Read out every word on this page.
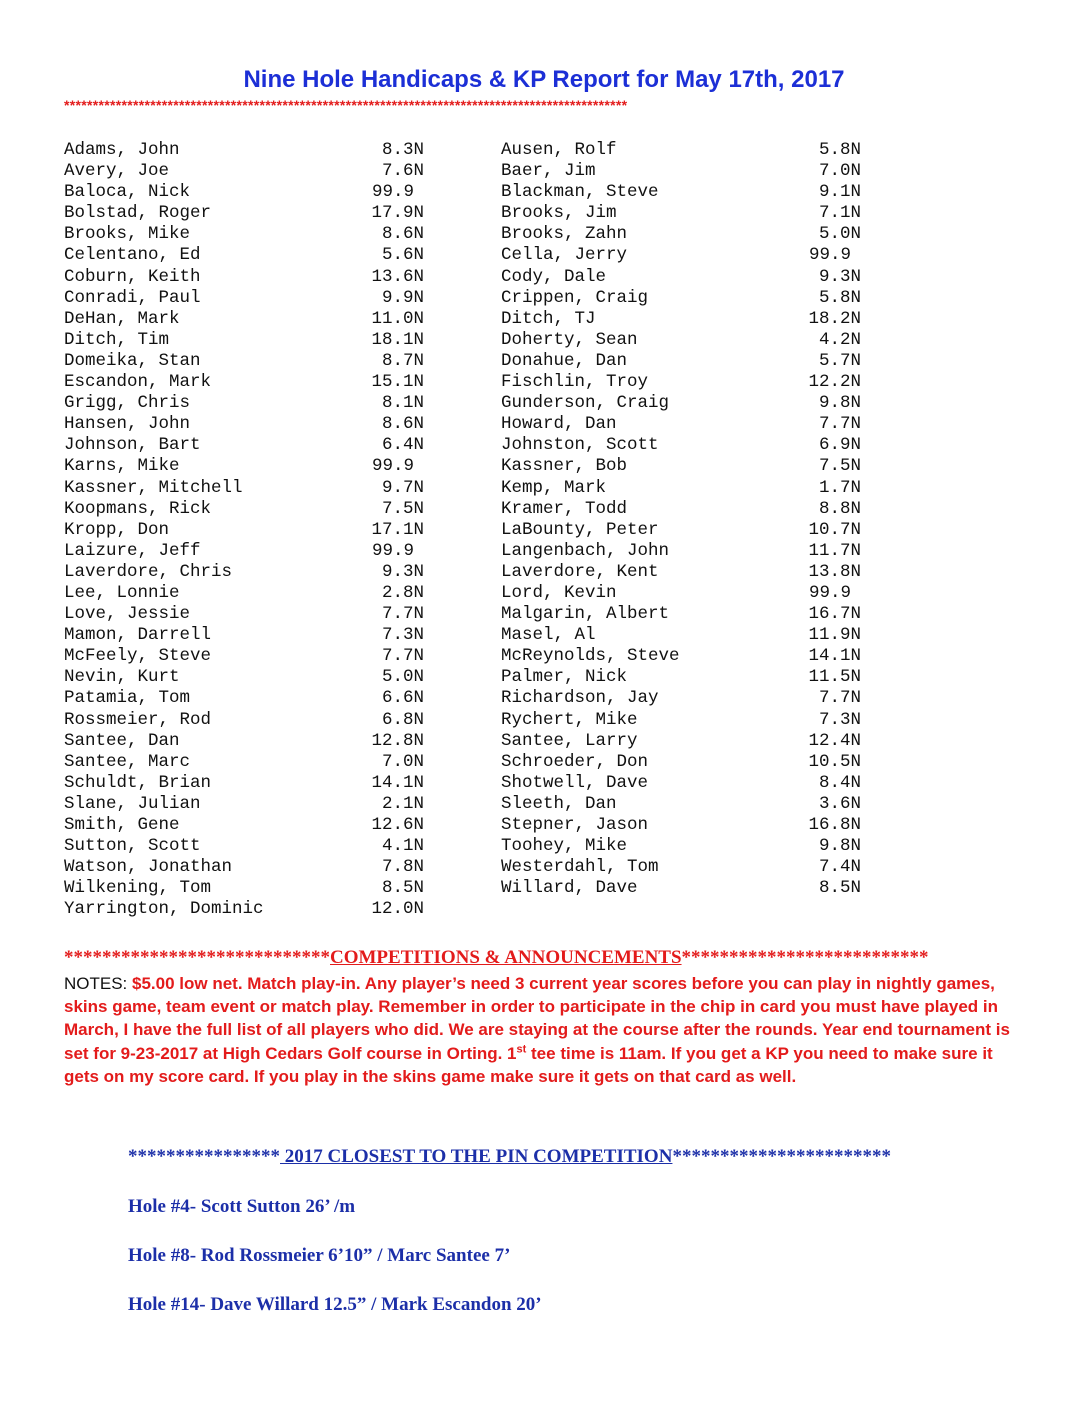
Nine Hole Handicaps & KP Report for May 17th, 2017
**************************************************************************************************
Adams, John	8.3N
Avery, Joe	7.6N
Baloca, Nick	99.9
Bolstad, Roger	17.9N
Brooks, Mike	8.6N
Celentano, Ed	5.6N
Coburn, Keith	13.6N
Conradi, Paul	9.9N
DeHan, Mark	11.0N
Ditch, Tim	18.1N
Domeika, Stan	8.7N
Escandon, Mark	15.1N
Grigg, Chris	8.1N
Hansen, John	8.6N
Johnson, Bart	6.4N
Karns, Mike	99.9
Kassner, Mitchell	9.7N
Koopmans, Rick	7.5N
Kropp, Don	17.1N
Laizure, Jeff	99.9
Laverdore, Chris	9.3N
Lee, Lonnie	2.8N
Love, Jessie	7.7N
Mamon, Darrell	7.3N
McFeely, Steve	7.7N
Nevin, Kurt	5.0N
Patamia, Tom	6.6N
Rossmeier, Rod	6.8N
Santee, Dan	12.8N
Santee, Marc	7.0N
Schuldt, Brian	14.1N
Slane, Julian	2.1N
Smith, Gene	12.6N
Sutton, Scott	4.1N
Watson, Jonathan	7.8N
Wilkening, Tom	8.5N
Yarrington, Dominic	12.0N
Ausen, Rolf	5.8N
Baer, Jim	7.0N
Blackman, Steve	9.1N
Brooks, Jim	7.1N
Brooks, Zahn	5.0N
Cella, Jerry	99.9
Cody, Dale	9.3N
Crippen, Craig	5.8N
Ditch, TJ	18.2N
Doherty, Sean	4.2N
Donahue, Dan	5.7N
Fischlin, Troy	12.2N
Gunderson, Craig	9.8N
Howard, Dan	7.7N
Johnston, Scott	6.9N
Kassner, Bob	7.5N
Kemp, Mark	1.7N
Kramer, Todd	8.8N
LaBounty, Peter	10.7N
Langenbach, John	11.7N
Laverdore, Kent	13.8N
Lord, Kevin	99.9
Malgarin, Albert	16.7N
Masel, Al	11.9N
McReynolds, Steve	14.1N
Palmer, Nick	11.5N
Richardson, Jay	7.7N
Rychert, Mike	7.3N
Santee, Larry	12.4N
Schroeder, Don	10.5N
Shotwell, Dave	8.4N
Sleeth, Dan	3.6N
Stepner, Jason	16.8N
Toohey, Mike	9.8N
Westerdahl, Tom	7.4N
Willard, Dave	8.5N
****************************COMPETITIONS & ANNOUNCEMENTS**************************
NOTES: $5.00 low net. Match play-in. Any player’s need 3 current year scores before you can play in nightly games, skins game, team event or match play. Remember in order to participate in the chip in card you must have played in March, I have the full list of all players who did. We are staying at the course after the rounds. Year end tournament is set for 9-23-2017 at High Cedars Golf course in Orting. 1st tee time is 11am. If you get a KP you need to make sure it gets on my score card. If you play in the skins game make sure it gets on that card as well.
**************** 2017 CLOSEST TO THE PIN COMPETITION***********************
Hole #4- Scott Sutton 26’ /m
Hole #8- Rod Rossmeier 6’10” / Marc Santee 7’
Hole #14- Dave Willard 12.5” / Mark Escandon 20’
